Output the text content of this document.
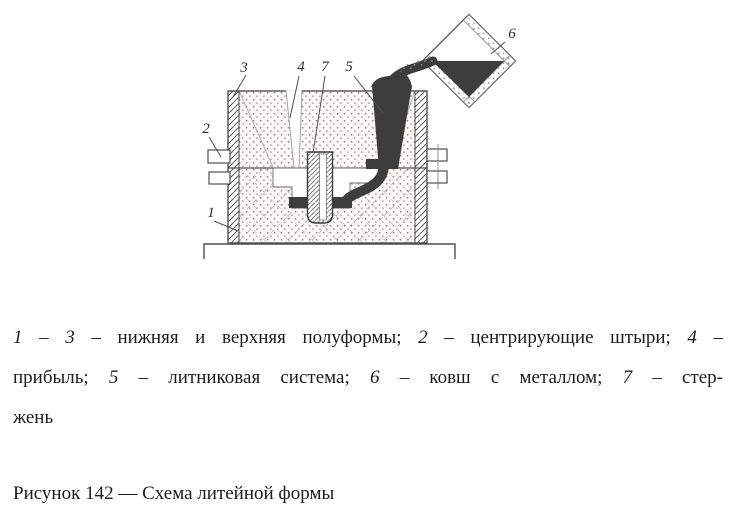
3	4 7 5
6
2
1
1 – 3 – нижняя и верхняя полуформы; 2 – центрирующие штыри; 4 –
прибыль; 5 – литниковая система; 6 – ковш с металлом; 7 – стер-
жень
Рисунок 142 — Схема литейной формы
